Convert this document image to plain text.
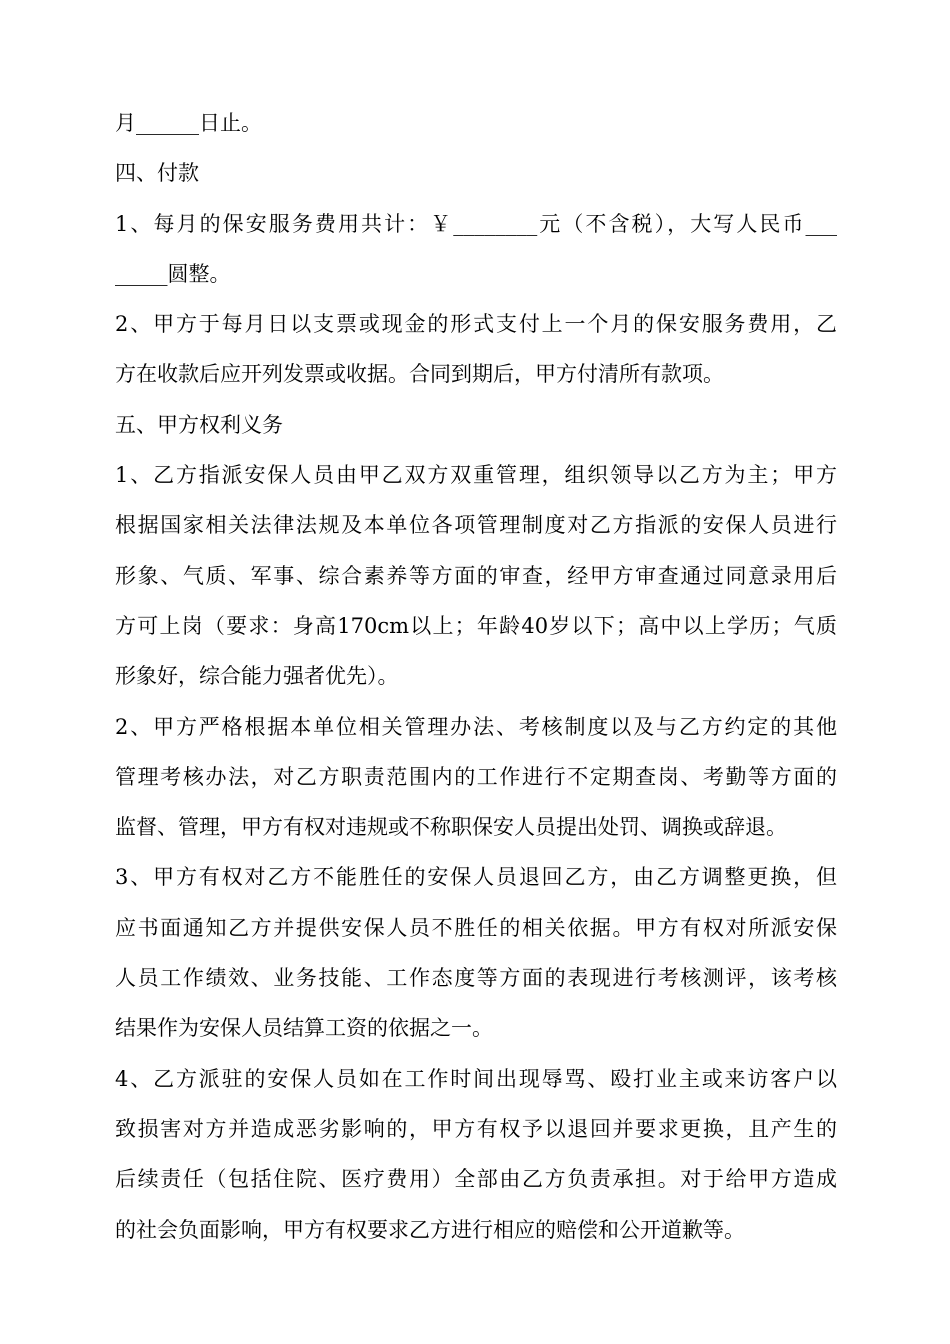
月______日止。
四、付款
1、每月的保安服务费用共计：￥________元（不含税），大写人民币___
_____圆整。
2、甲方于每月日以支票或现金的形式支付上一个月的保安服务费用，乙
方在收款后应开列发票或收据。合同到期后，甲方付清所有款项。
五、甲方权利义务
1、乙方指派安保人员由甲乙双方双重管理，组织领导以乙方为主；甲方
根据国家相关法律法规及本单位各项管理制度对乙方指派的安保人员进行
形象、气质、军事、综合素养等方面的审查，经甲方审查通过同意录用后
方可上岗（要求：身高170cm以上；年龄40岁以下；高中以上学历；气质
形象好，综合能力强者优先）。
2、甲方严格根据本单位相关管理办法、考核制度以及与乙方约定的其他
管理考核办法，对乙方职责范围内的工作进行不定期查岗、考勤等方面的
监督、管理，甲方有权对违规或不称职保安人员提出处罚、调换或辞退。
3、甲方有权对乙方不能胜任的安保人员退回乙方，由乙方调整更换，但
应书面通知乙方并提供安保人员不胜任的相关依据。甲方有权对所派安保
人员工作绩效、业务技能、工作态度等方面的表现进行考核测评，该考核
结果作为安保人员结算工资的依据之一。
4、乙方派驻的安保人员如在工作时间出现辱骂、殴打业主或来访客户以
致损害对方并造成恶劣影响的，甲方有权予以退回并要求更换，且产生的
后续责任（包括住院、医疗费用）全部由乙方负责承担。对于给甲方造成
的社会负面影响，甲方有权要求乙方进行相应的赔偿和公开道歉等。
